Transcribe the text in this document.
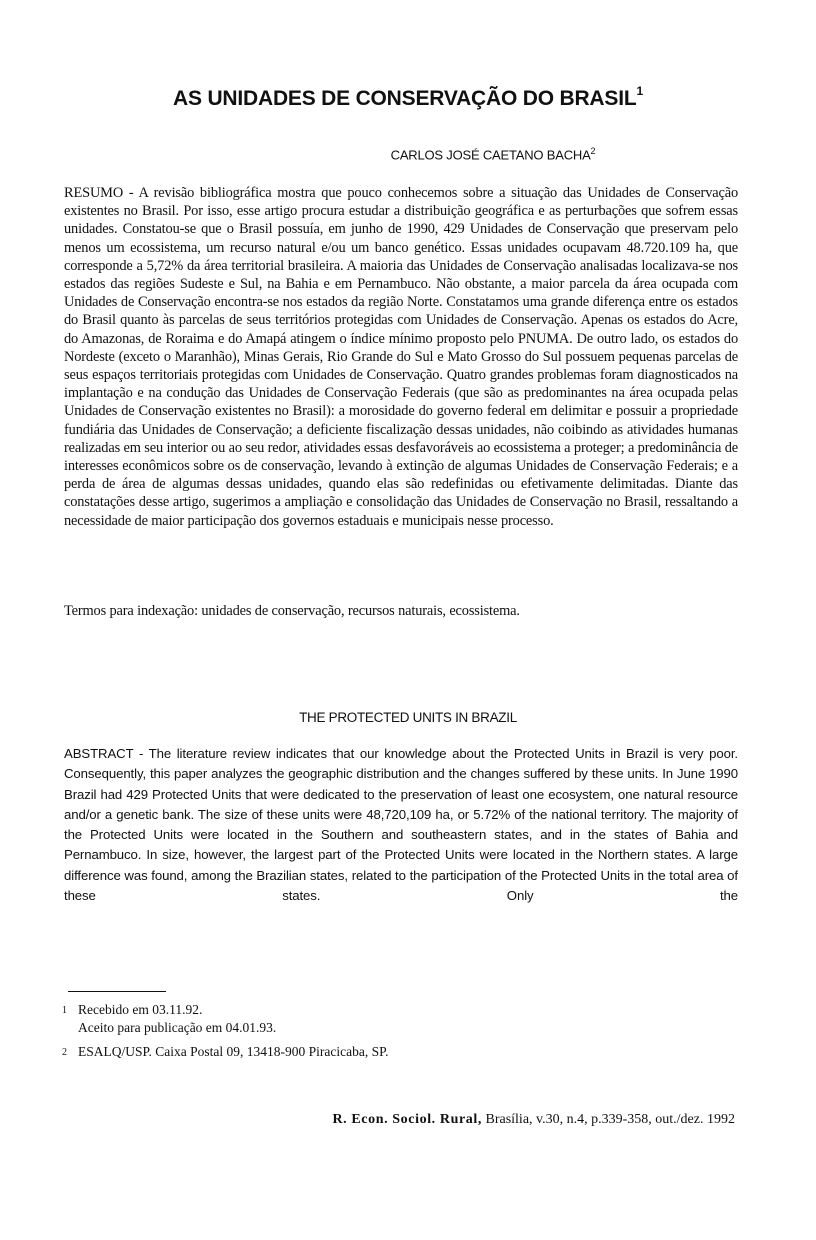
AS UNIDADES DE CONSERVAÇÃO DO BRASIL$^1$
CARLOS JOSÉ CAETANO BACHA$^2$

RESUMO - A revisão bibliográfica mostra que pouco conhecemos sobre a situação das Unidades de Conservação existentes no Brasil. Por isso, esse artigo procura estudar a distribuição geográfica e as perturbações que sofrem essas unidades. Constatou-se que o Brasil possuía, em junho de 1990, 429 Unidades de Conservação que preservam pelo menos um ecossistema, um recurso natural e/ou um banco genético. Essas unidades ocupavam 48.720.109 ha, que corresponde a 5,72% da área territorial brasileira. A maioria das Unidades de Conservação analisadas localizava-se nos estados das regiões Sudeste e Sul, na Bahia e em Pernambuco. Não obstante, a maior parcela da área ocupada com Unidades de Conservação encontra-se nos estados da região Norte. Constatamos uma grande diferença entre os estados do Brasil quanto às parcelas de seus territórios protegidas com Unidades de Conservação. Apenas os estados do Acre, do Amazonas, de Roraima e do Amapá atingem o índice mínimo proposto pelo PNUMA. De outro lado, os estados do Nordeste (exceto o Maranhão), Minas Gerais, Rio Grande do Sul e Mato Grosso do Sul possuem pequenas parcelas de seus espaços territoriais protegidas com Unidades de Conservação. Quatro grandes problemas foram diagnosticados na implantação e na condução das Unidades de Conservação Federais (que são as predominantes na área ocupada pelas Unidades de Conservação existentes no Brasil): a morosidade do governo federal em delimitar e possuir a propriedade fundiária das Unidades de Conservação; a deficiente fiscalização dessas unidades, não coibindo as atividades humanas realizadas em seu interior ou ao seu redor, atividades essas desfavoráveis ao ecossistema a proteger; a predominância de interesses econômicos sobre os de conservação, levando à extinção de algumas Unidades de Conservação Federais; e a perda de área de algumas dessas unidades, quando elas são redefinidas ou efetivamente delimitadas. Diante das constatações desse artigo, sugerimos a ampliação e consolidação das Unidades de Conservação no Brasil, ressaltando a necessidade de maior participação dos governos estaduais e municipais nesse processo.

Termos para indexação: unidades de conservação, recursos naturais, ecossistema.

THE PROTECTED UNITS IN BRAZIL

ABSTRACT - The literature review indicates that our knowledge about the Protected Units in Brazil is very poor. Consequently, this paper analyzes the geographic distribution and the changes suffered by these units. In June 1990 Brazil had 429 Protected Units that were dedicated to the preservation of least one ecosystem, one natural resource and/or a genetic bank. The size of these units were 48,720,109 ha, or 5.72% of the national territory. The majority of the Protected Units were located in the Southern and southeastern states, and in the states of Bahia and Pernambuco. In size, however, the largest part of the Protected Units were located in the Northern states. A large difference was found, among the Brazilian states, related to the participation of the Protected Units in the total area of these states. Only the

1 Recebido em 03.11.92.
Aceito para publicação em 04.01.93.
2 ESALQ/USP. Caixa Postal 09, 13418-900 Piracicaba, SP.
R. Econ. Sociol. Rural, Brasília, v.30, n.4, p.339-358, out./dez. 1992
